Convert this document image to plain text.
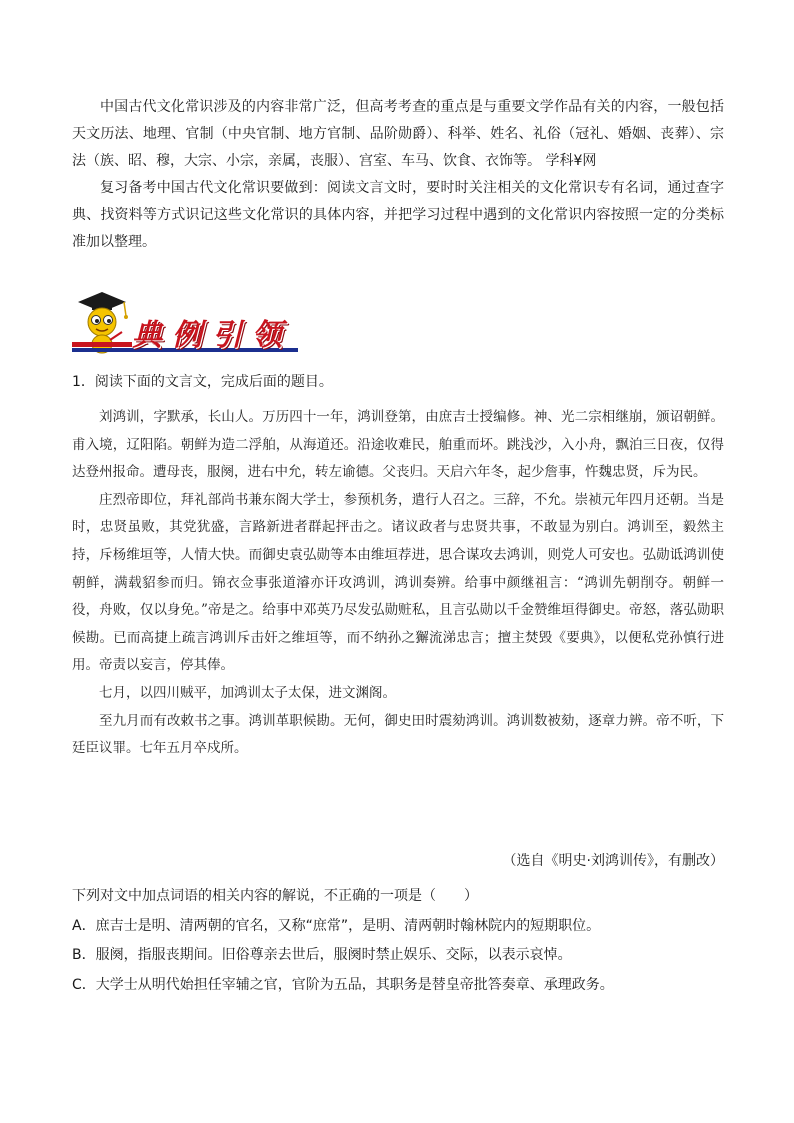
中国古代文化常识涉及的内容非常广泛，但高考考查的重点是与重要文学作品有关的内容，一般包括天文历法、地理、官制（中央官制、地方官制、品阶勋爵）、科举、姓名、礼俗（冠礼、婚姻、丧葬）、宗法（族、昭、穆，大宗、小宗，亲属，丧服）、宫室、车马、饮食、衣饰等。 学科¥网

复习备考中国古代文化常识要做到：阅读文言文时，要时时关注相关的文化常识专有名词，通过查字典、找资料等方式识记这些文化常识的具体内容，并把学习过程中遇到的文化常识内容按照一定的分类标准加以整理。

典例引领
1．阅读下面的文言文，完成后面的题目。

刘鸿训，字默承，长山人。万历四十一年，鸿训登第，由庶吉士授编修。神、光二宗相继崩，颁诏朝鲜。甫入境，辽阳陷。朝鲜为造二浮舶，从海道还。沿途收难民，舶重而坏。跳浅沙，入小舟，飘泊三日夜，仅得达登州报命。遭母丧，服阕，进右中允，转左谕德。父丧归。天启六年冬，起少詹事，忤魏忠贤，斥为民。

庄烈帝即位，拜礼部尚书兼东阁大学士，参预机务，遣行人召之。三辞，不允。崇祯元年四月还朝。当是时，忠贤虽败，其党犹盛，言路新进者群起抨击之。诸议政者与忠贤共事，不敢显为别白。鸿训至，毅然主持，斥杨维垣等，人情大快。而御史袁弘勋等本由维垣荐进，思合谋攻去鸿训，则党人可安也。弘勋诋鸿训使朝鲜，满载貂参而归。锦衣佥事张道濬亦讦攻鸿训，鸿训奏辨。给事中颜继祖言：“鸿训先朝削夺。朝鲜一役，舟败，仅以身免。”帝是之。给事中邓英乃尽发弘勋赃私，且言弘勋以千金赞维垣得御史。帝怒，落弘勋职候勘。已而高捷上疏言鸿训斥击奸之维垣等，而不纳孙之獬流涕忠言；擅主焚毁《要典》，以便私党孙慎行进用。帝责以妄言，停其俸。

七月，以四川贼平，加鸿训太子太保，进文渊阁。

至九月而有改敕书之事。鸿训革职候勘。无何，御史田时震劾鸿训。鸿训数被劾，逐章力辨。帝不听，下廷臣议罪。七年五月卒戍所。

（选自《明史·刘鸿训传》，有删改）

下列对文中加点词语的相关内容的解说，不正确的一项是（　　）

A．庶吉士是明、清两朝的官名，又称“庶常”，是明、清两朝时翰林院内的短期职位。

B．服阕，指服丧期间。旧俗尊亲去世后，服阕时禁止娱乐、交际，以表示哀悼。

C．大学士从明代始担任宰辅之官，官阶为五品，其职务是替皇帝批答奏章、承理政务。
